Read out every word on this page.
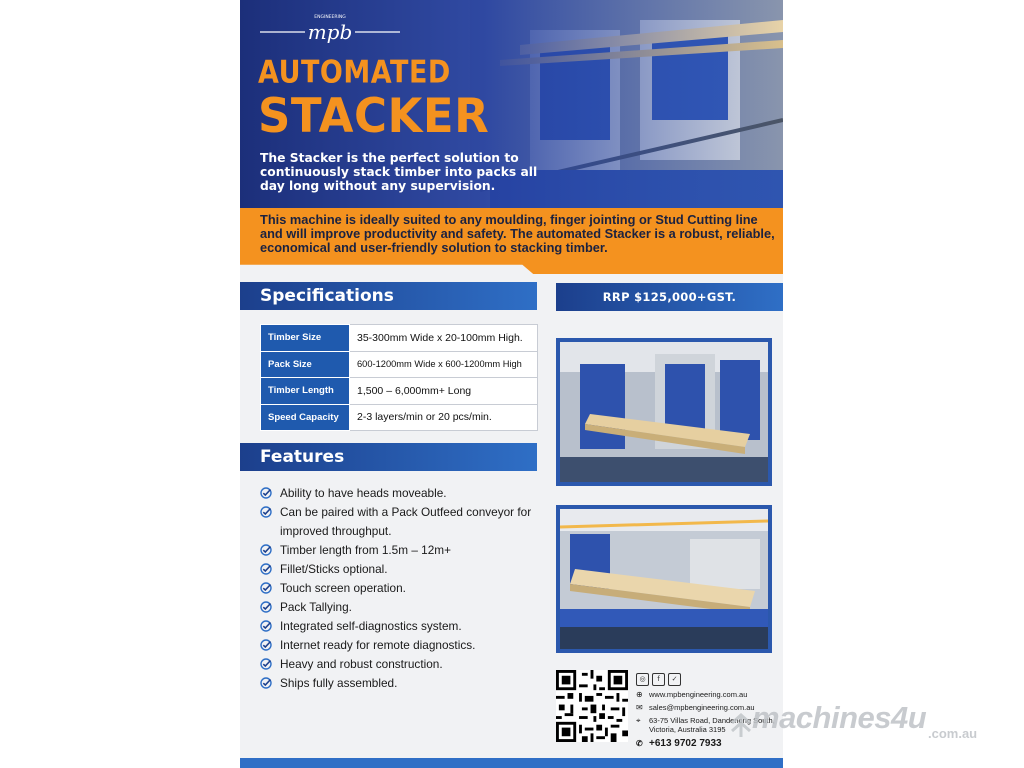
mpb
ENGINEERING
AUTOMATED
STACKER
The Stacker is the perfect solution to continuously stack timber into packs all day long without any supervision.
This machine is ideally suited to any moulding, finger jointing or Stud Cutting line and will improve productivity and safety. The automated Stacker is a robust, reliable, economical and user-friendly solution to stacking timber.
Specifications
Timber Size	35-300mm Wide x 20-100mm High.
Pack Size	600-1200mm Wide x 600-1200mm High
Timber Length	1,500 – 6,000mm+ Long
Speed Capacity	2-3 layers/min or 20 pcs/min.
RRP $125,000+GST.
Features
Ability to have heads moveable.
Can be paired with a Pack Outfeed conveyor for improved throughput.
Timber length from 1.5m – 12m+
Fillet/Sticks optional.
Touch screen operation.
Pack Tallying.
Integrated self-diagnostics system.
Internet ready for remote diagnostics.
Heavy and robust construction.
Ships fully assembled.	◎	f	✓
⊕ www.mpbengineering.com.au
✉ sales@mpbengineering.com.au
⌖ 63-75 Villas Road, Dandenong South,
Victoria, Australia 3195
✆ +613 9702 7933
machines4u .com.au
